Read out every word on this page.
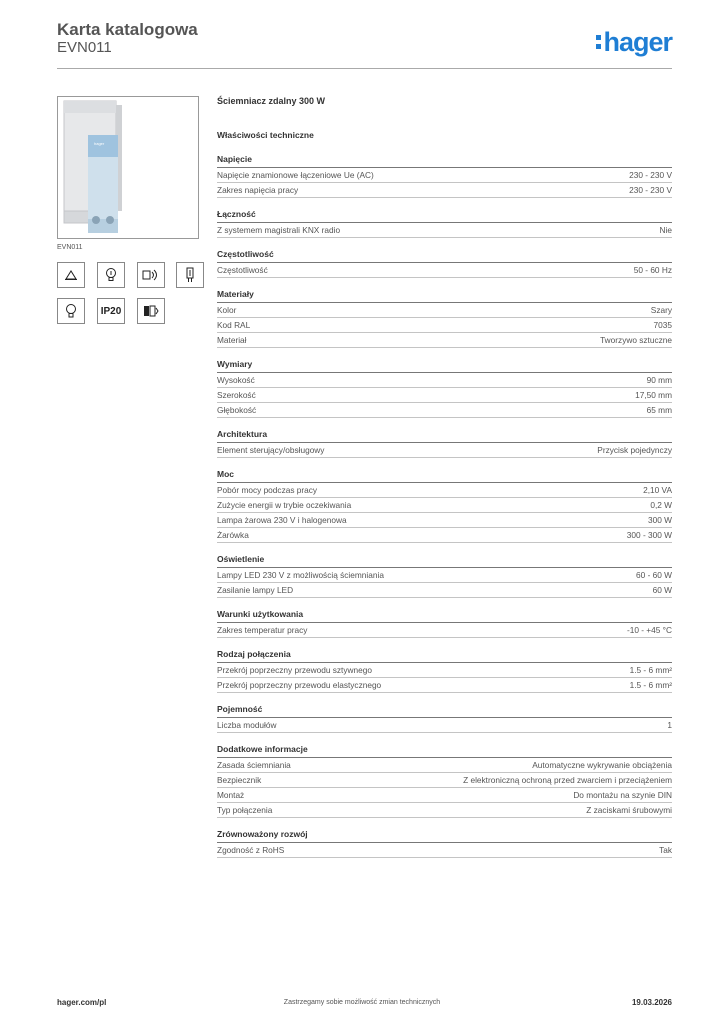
Karta katalogowa
EVN011	hager
hager
EVN011
IP20
Ściemniacz zdalny 300 W
Właściwości techniczne
Napięcie
Napięcie znamionowe łączeniowe Ue (AC)	230 - 230 V
Zakres napięcia pracy	230 - 230 V
Łączność
Z systemem magistrali KNX radio	Nie
Częstotliwość
Częstotliwość	50 - 60 Hz
Materiały
Kolor	Szary
Kod RAL	7035
Materiał	Tworzywo sztuczne
Wymiary
Wysokość	90 mm
Szerokość	17,50 mm
Głębokość	65 mm
Architektura
Element sterujący/obsługowy	Przycisk pojedynczy
Moc
Pobór mocy podczas pracy	2,10 VA
Zużycie energii w trybie oczekiwania	0,2 W
Lampa żarowa 230 V i halogenowa	300 W
Żarówka	300 - 300 W
Oświetlenie
Lampy LED 230 V z możliwością ściemniania	60 - 60 W
Zasilanie lampy LED	60 W
Warunki użytkowania
Zakres temperatur pracy	-10 - +45 °C
Rodzaj połączenia
Przekrój poprzeczny przewodu sztywnego	1.5 - 6 mm²
Przekrój poprzeczny przewodu elastycznego	1.5 - 6 mm²
Pojemność
Liczba modułów	1
Dodatkowe informacje
Zasada ściemniania	Automatyczne wykrywanie obciążenia
Bezpiecznik	Z elektroniczną ochroną przed zwarciem i przeciążeniem
Montaż	Do montażu na szynie DIN
Typ połączenia	Z zaciskami śrubowymi
Zrównoważony rozwój
Zgodność z RoHS	Tak
hager.com/pl	Zastrzegamy sobie możliwość zmian technicznych	19.03.2026
